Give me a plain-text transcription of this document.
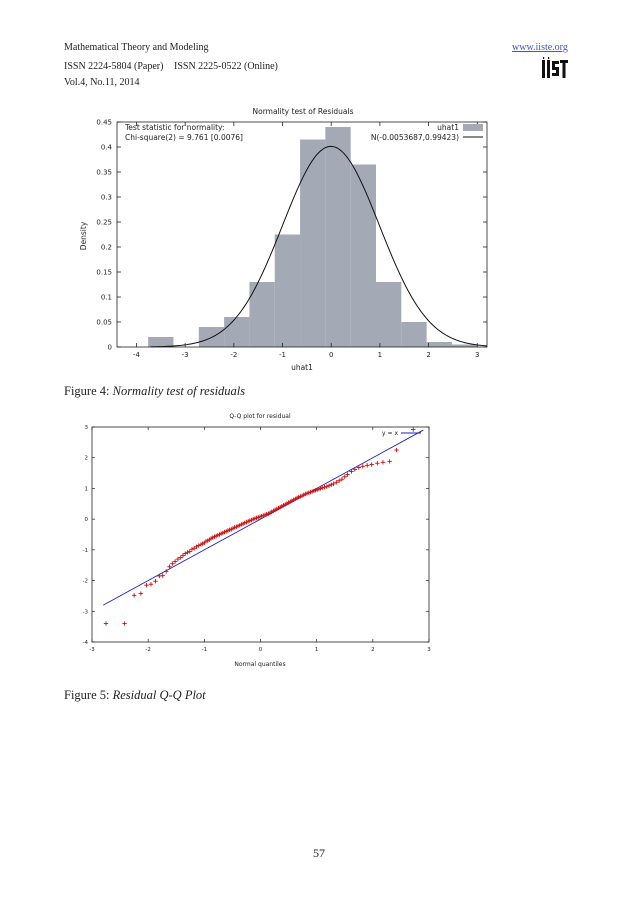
Mathematical Theory and Modeling
ISSN 2224-5804 (Paper) ISSN 2225-0522 (Online)
Vol.4, No.11, 2014
www.iiste.org
Normality test of Residuals
0
0.05
0.1
0.15
0.2
0.25
0.3
0.35
0.4
0.45
-4	-3	-2	-1	0	1	2	3
uhat1
Density
Test statistic for normality:
Chi-square(2) = 9.761 [0.0076]
uhat1
N(-0.0053687,0.99423)
Figure 4: Normality test of residuals
Q-Q plot for residual
-4
-3
-2
-1
0
1
2
3
-3	-2	-1	0	1	2	3
Normal quantiles
y = x
Figure 5: Residual Q-Q Plot
57
